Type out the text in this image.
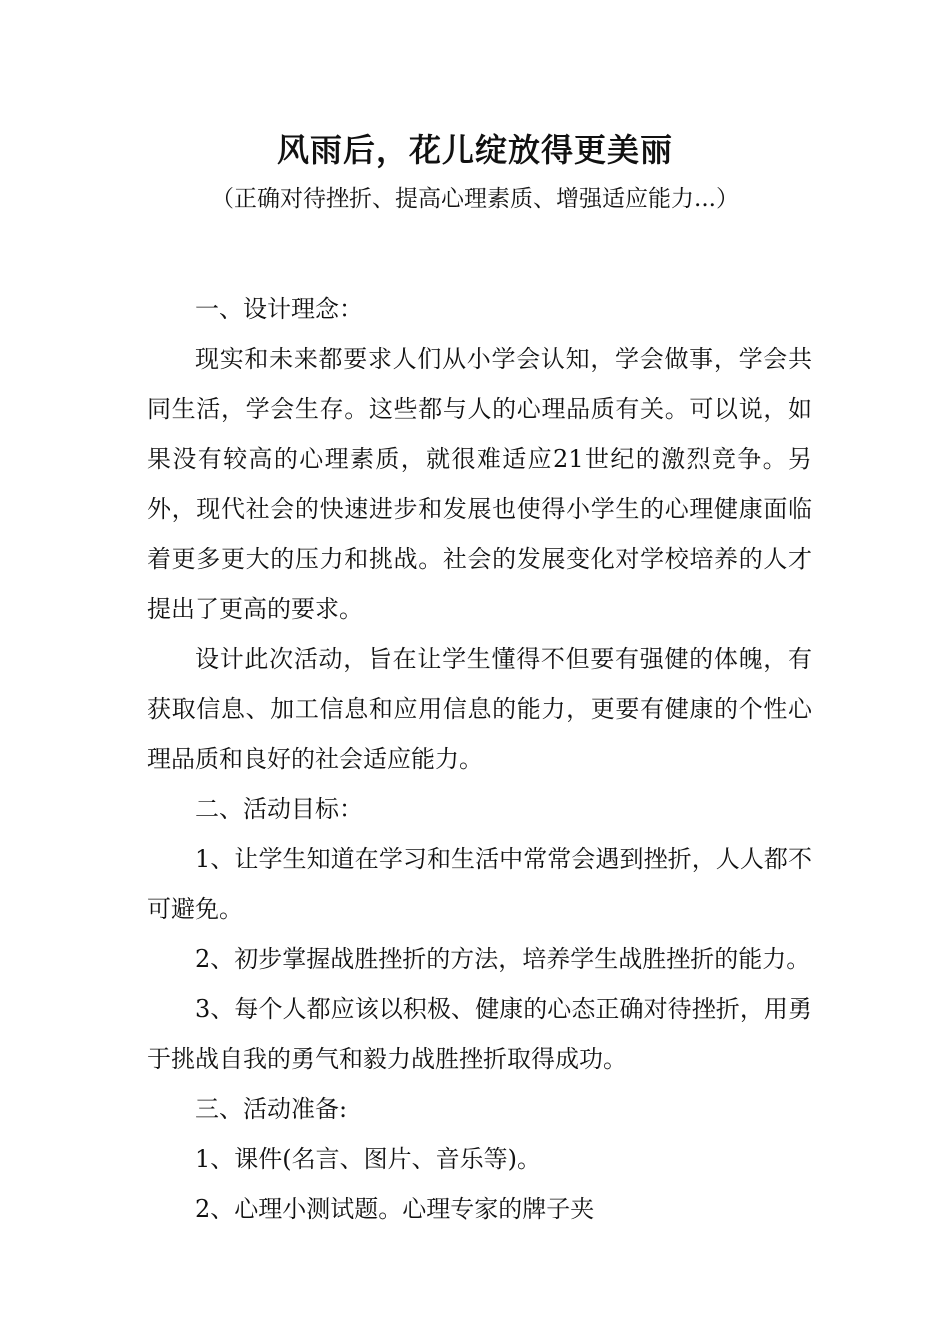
风雨后，花儿绽放得更美丽
（正确对待挫折、提高心理素质、增强适应能力...）

一、设计理念：

现实和未来都要求人们从小学会认知，学会做事，学会共同生活，学会生存。这些都与人的心理品质有关。可以说，如果没有较高的心理素质，就很难适应21世纪的激烈竞争。另外，现代社会的快速进步和发展也使得小学生的心理健康面临着更多更大的压力和挑战。社会的发展变化对学校培养的人才提出了更高的要求。

设计此次活动，旨在让学生懂得不但要有强健的体魄，有获取信息、加工信息和应用信息的能力，更要有健康的个性心理品质和良好的社会适应能力。

二、活动目标：

1、让学生知道在学习和生活中常常会遇到挫折，人人都不可避免。

2、初步掌握战胜挫折的方法，培养学生战胜挫折的能力。

3、每个人都应该以积极、健康的心态正确对待挫折，用勇于挑战自我的勇气和毅力战胜挫折取得成功。

三、活动准备:

1、课件(名言、图片、音乐等)。

2、心理小测试题。心理专家的牌子夹
